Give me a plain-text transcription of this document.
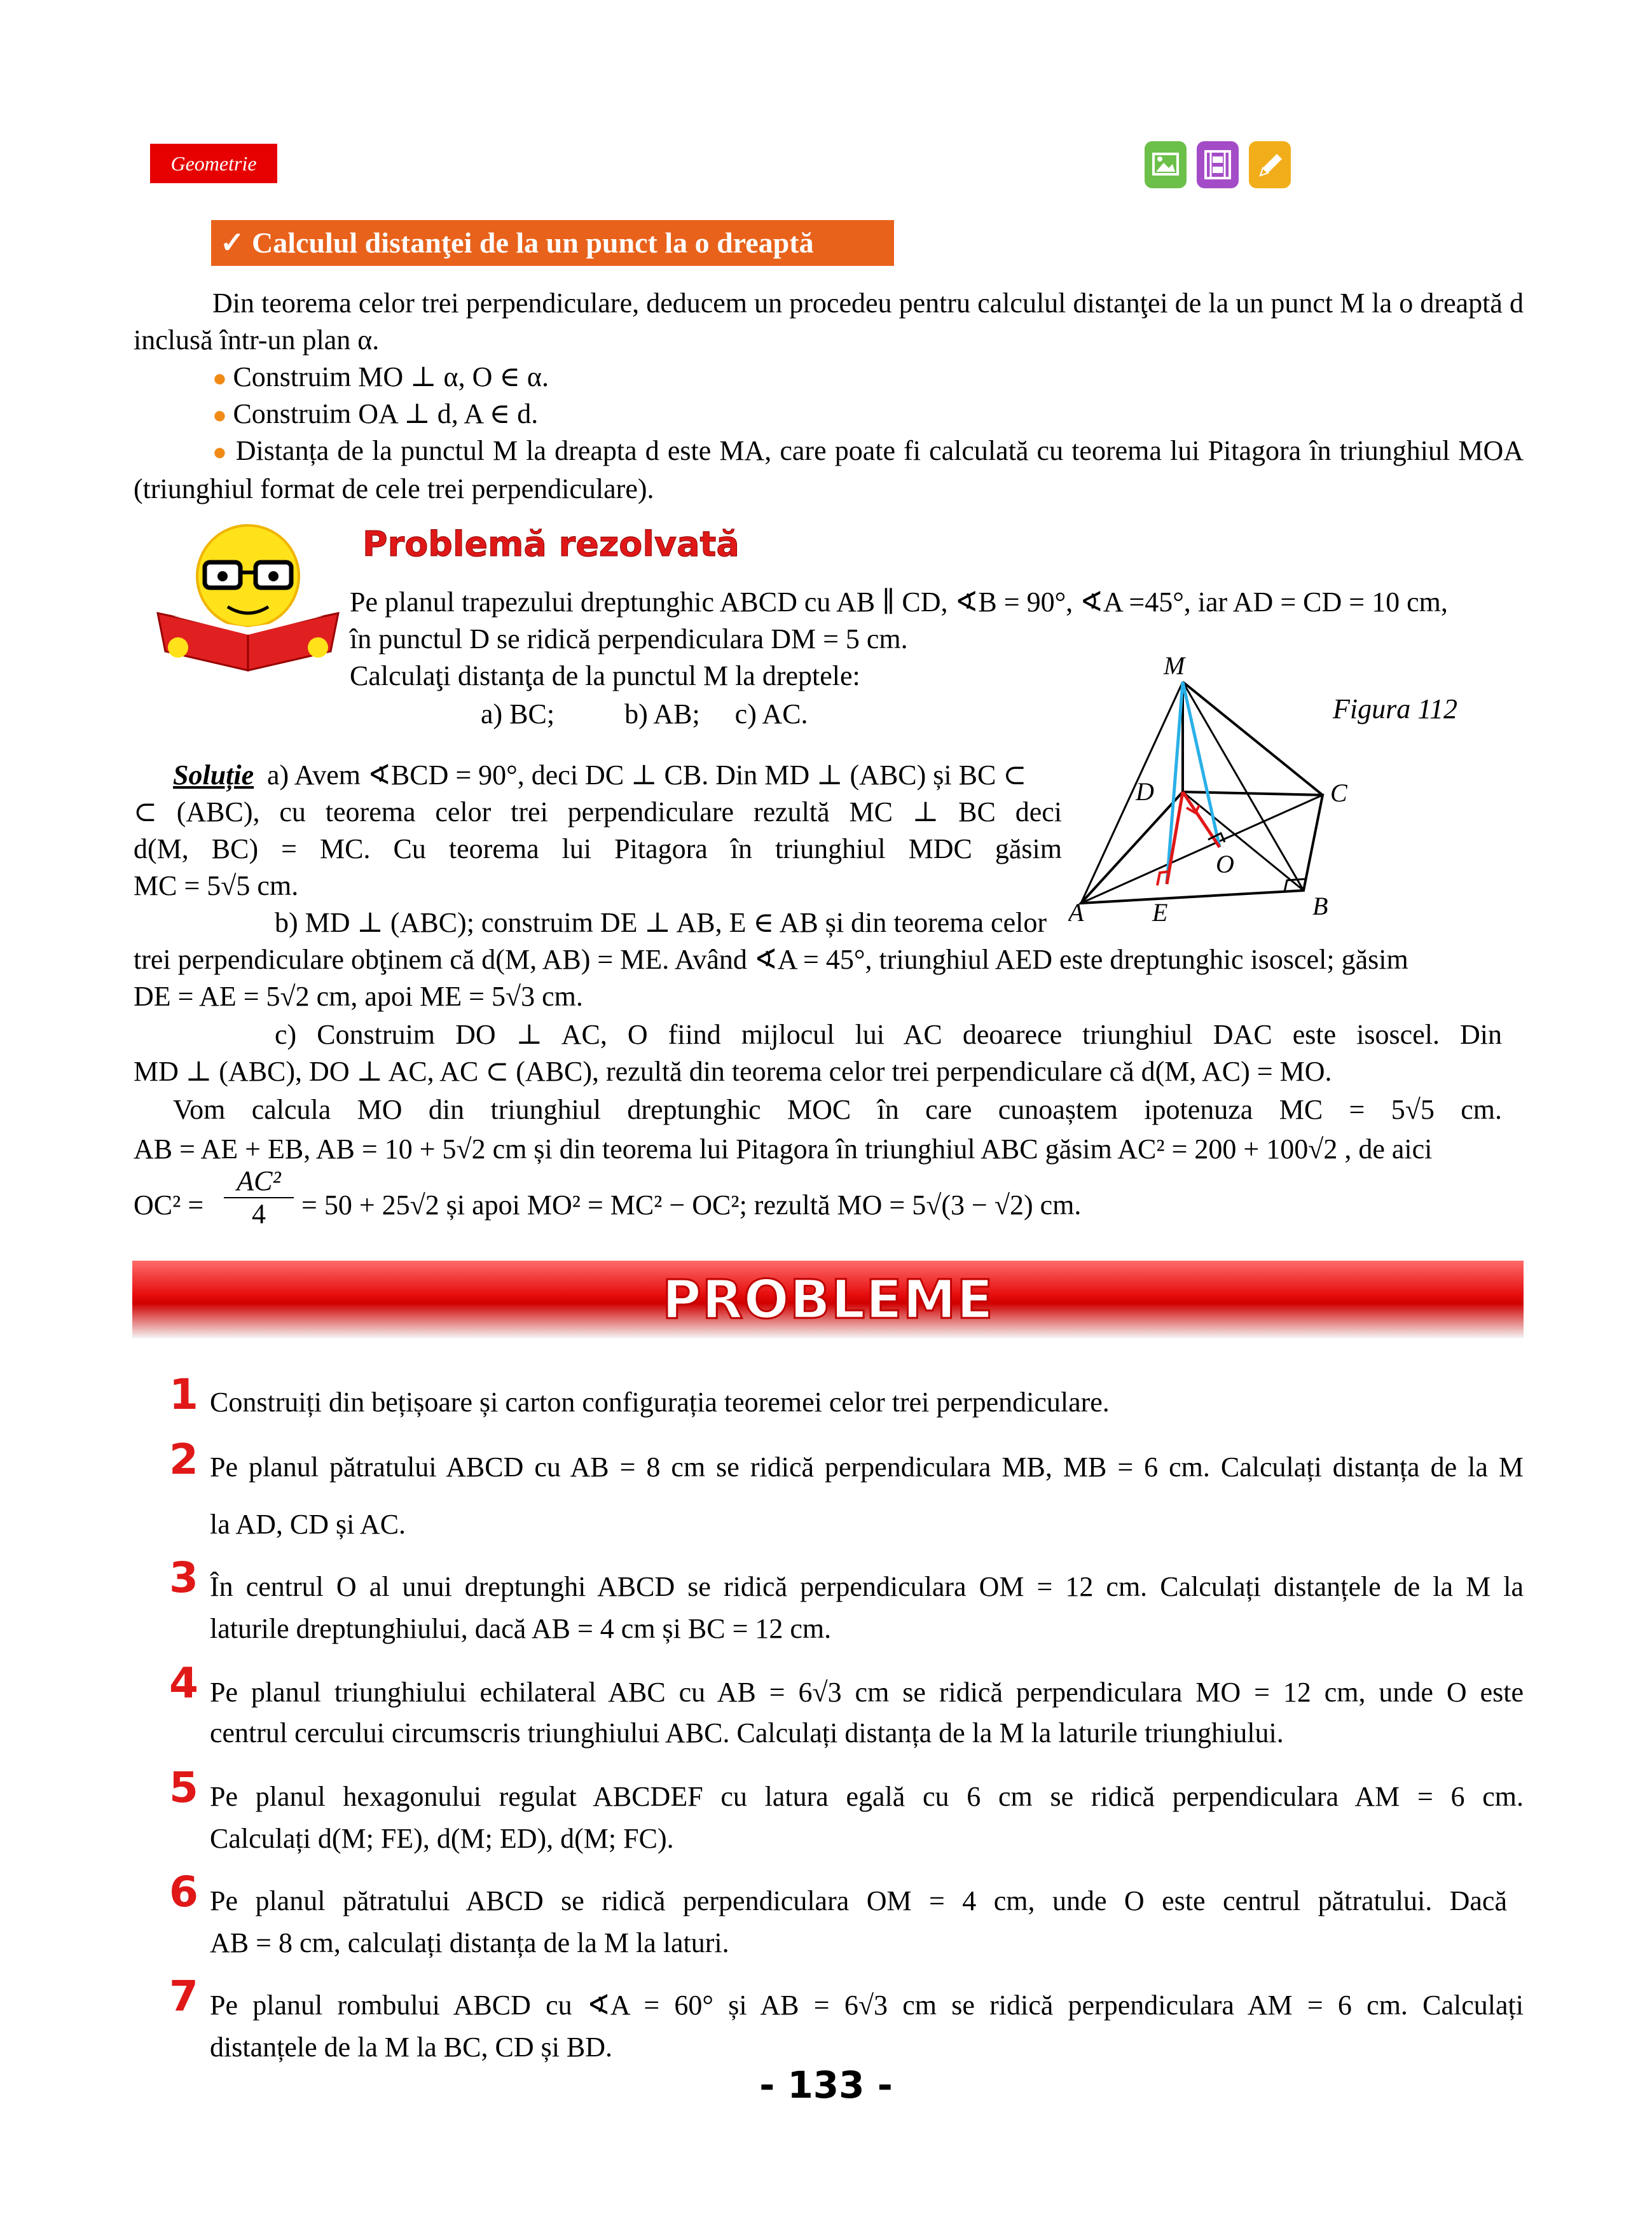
Geometrie
✓ Calculul distanţei de la un punct la o dreaptă
Din teorema celor trei perpendiculare, deducem un procedeu pentru calculul distanţei de la un punct M la o dreaptă d inclusă într-un plan α.
● Construim MO ⊥ α, O ∈ α.
● Construim OA ⊥ d, A ∈ d.
● Distanța de la punctul M la dreapta d este MA, care poate fi calculată cu teorema lui Pitagora în triunghiul MOA (triunghiul format de cele trei perpendiculare).
Problemă rezolvată
Pe planul trapezului dreptunghic ABCD cu AB ∥ CD, ∢B = 90°, ∢A =45°, iar AD = CD = 10 cm,
în punctul D se ridică perpendiculara DM = 5 cm.
Calculaţi distanţa de la punctul M la dreptele:
a) BC;          b) AB;     c) AC.	Figura 112
M
D	C
O
A	E	B
Soluție a) Avem ∢BCD = 90°, deci DC ⊥ CB. Din MD ⊥ (ABC) și BC ⊂
⊂ (ABC), cu teorema celor trei perpendiculare rezultă MC ⊥ BC deci
d(M, BC) = MC. Cu teorema lui Pitagora în triunghiul MDC găsim
MC = 5√5 cm.
b) MD ⊥ (ABC); construim DE ⊥ AB, E ∈ AB și din teorema celor
trei perpendiculare obţinem că d(M, AB) = ME. Având ∢A = 45°, triunghiul AED este dreptunghic isoscel; găsim
DE = AE = 5√2 cm, apoi ME = 5√3 cm.
c) Construim DO ⊥ AC, O fiind mijlocul lui AC deoarece triunghiul DAC este isoscel. Din
MD ⊥ (ABC), DO ⊥ AC, AC ⊂ (ABC), rezultă din teorema celor trei perpendiculare că d(M, AC) = MO.
Vom calcula MO din triunghiul dreptunghic MOC în care cunoaștem ipotenuza MC = 5√5 cm.
AB = AE + EB, AB = 10 + 5√2 cm și din teorema lui Pitagora în triunghiul ABC găsim AC² = 200 + 100√2 , de aici
$OC^2 = \frac{\text{AC²}}{4} = 50 + 25√2$ și apoi MO² = MC² − OC²; rezultă MO = 5√(3 − √2) cm.
PROBLEME
1 Construiți din bețișoare și carton configurația teoremei celor trei perpendiculare.
2 Pe planul pătratului ABCD cu AB = 8 cm se ridică perpendiculara MB, MB = 6 cm. Calculați distanța de la M
la AD, CD și AC.
3 În centrul O al unui dreptunghi ABCD se ridică perpendiculara OM = 12 cm. Calculați distanțele de la M la
laturile dreptunghiului, dacă AB = 4 cm și BC = 12 cm.
4 Pe planul triunghiului echilateral ABC cu AB = 6√3 cm se ridică perpendiculara MO = 12 cm, unde O este
centrul cercului circumscris triunghiului ABC. Calculați distanța de la M la laturile triunghiului.
5 Pe planul hexagonului regulat ABCDEF cu latura egală cu 6 cm se ridică perpendiculara AM = 6 cm.
Calculați d(M; FE), d(M; ED), d(M; FC).
6 Pe planul pătratului ABCD se ridică perpendiculara OM = 4 cm, unde O este centrul pătratului. Dacă
AB = 8 cm, calculați distanța de la M la laturi.
7 Pe planul rombului ABCD cu ∢A = 60° și AB = 6√3 cm se ridică perpendiculara AM = 6 cm. Calculați
distanțele de la M la BC, CD și BD.
- 133 -
